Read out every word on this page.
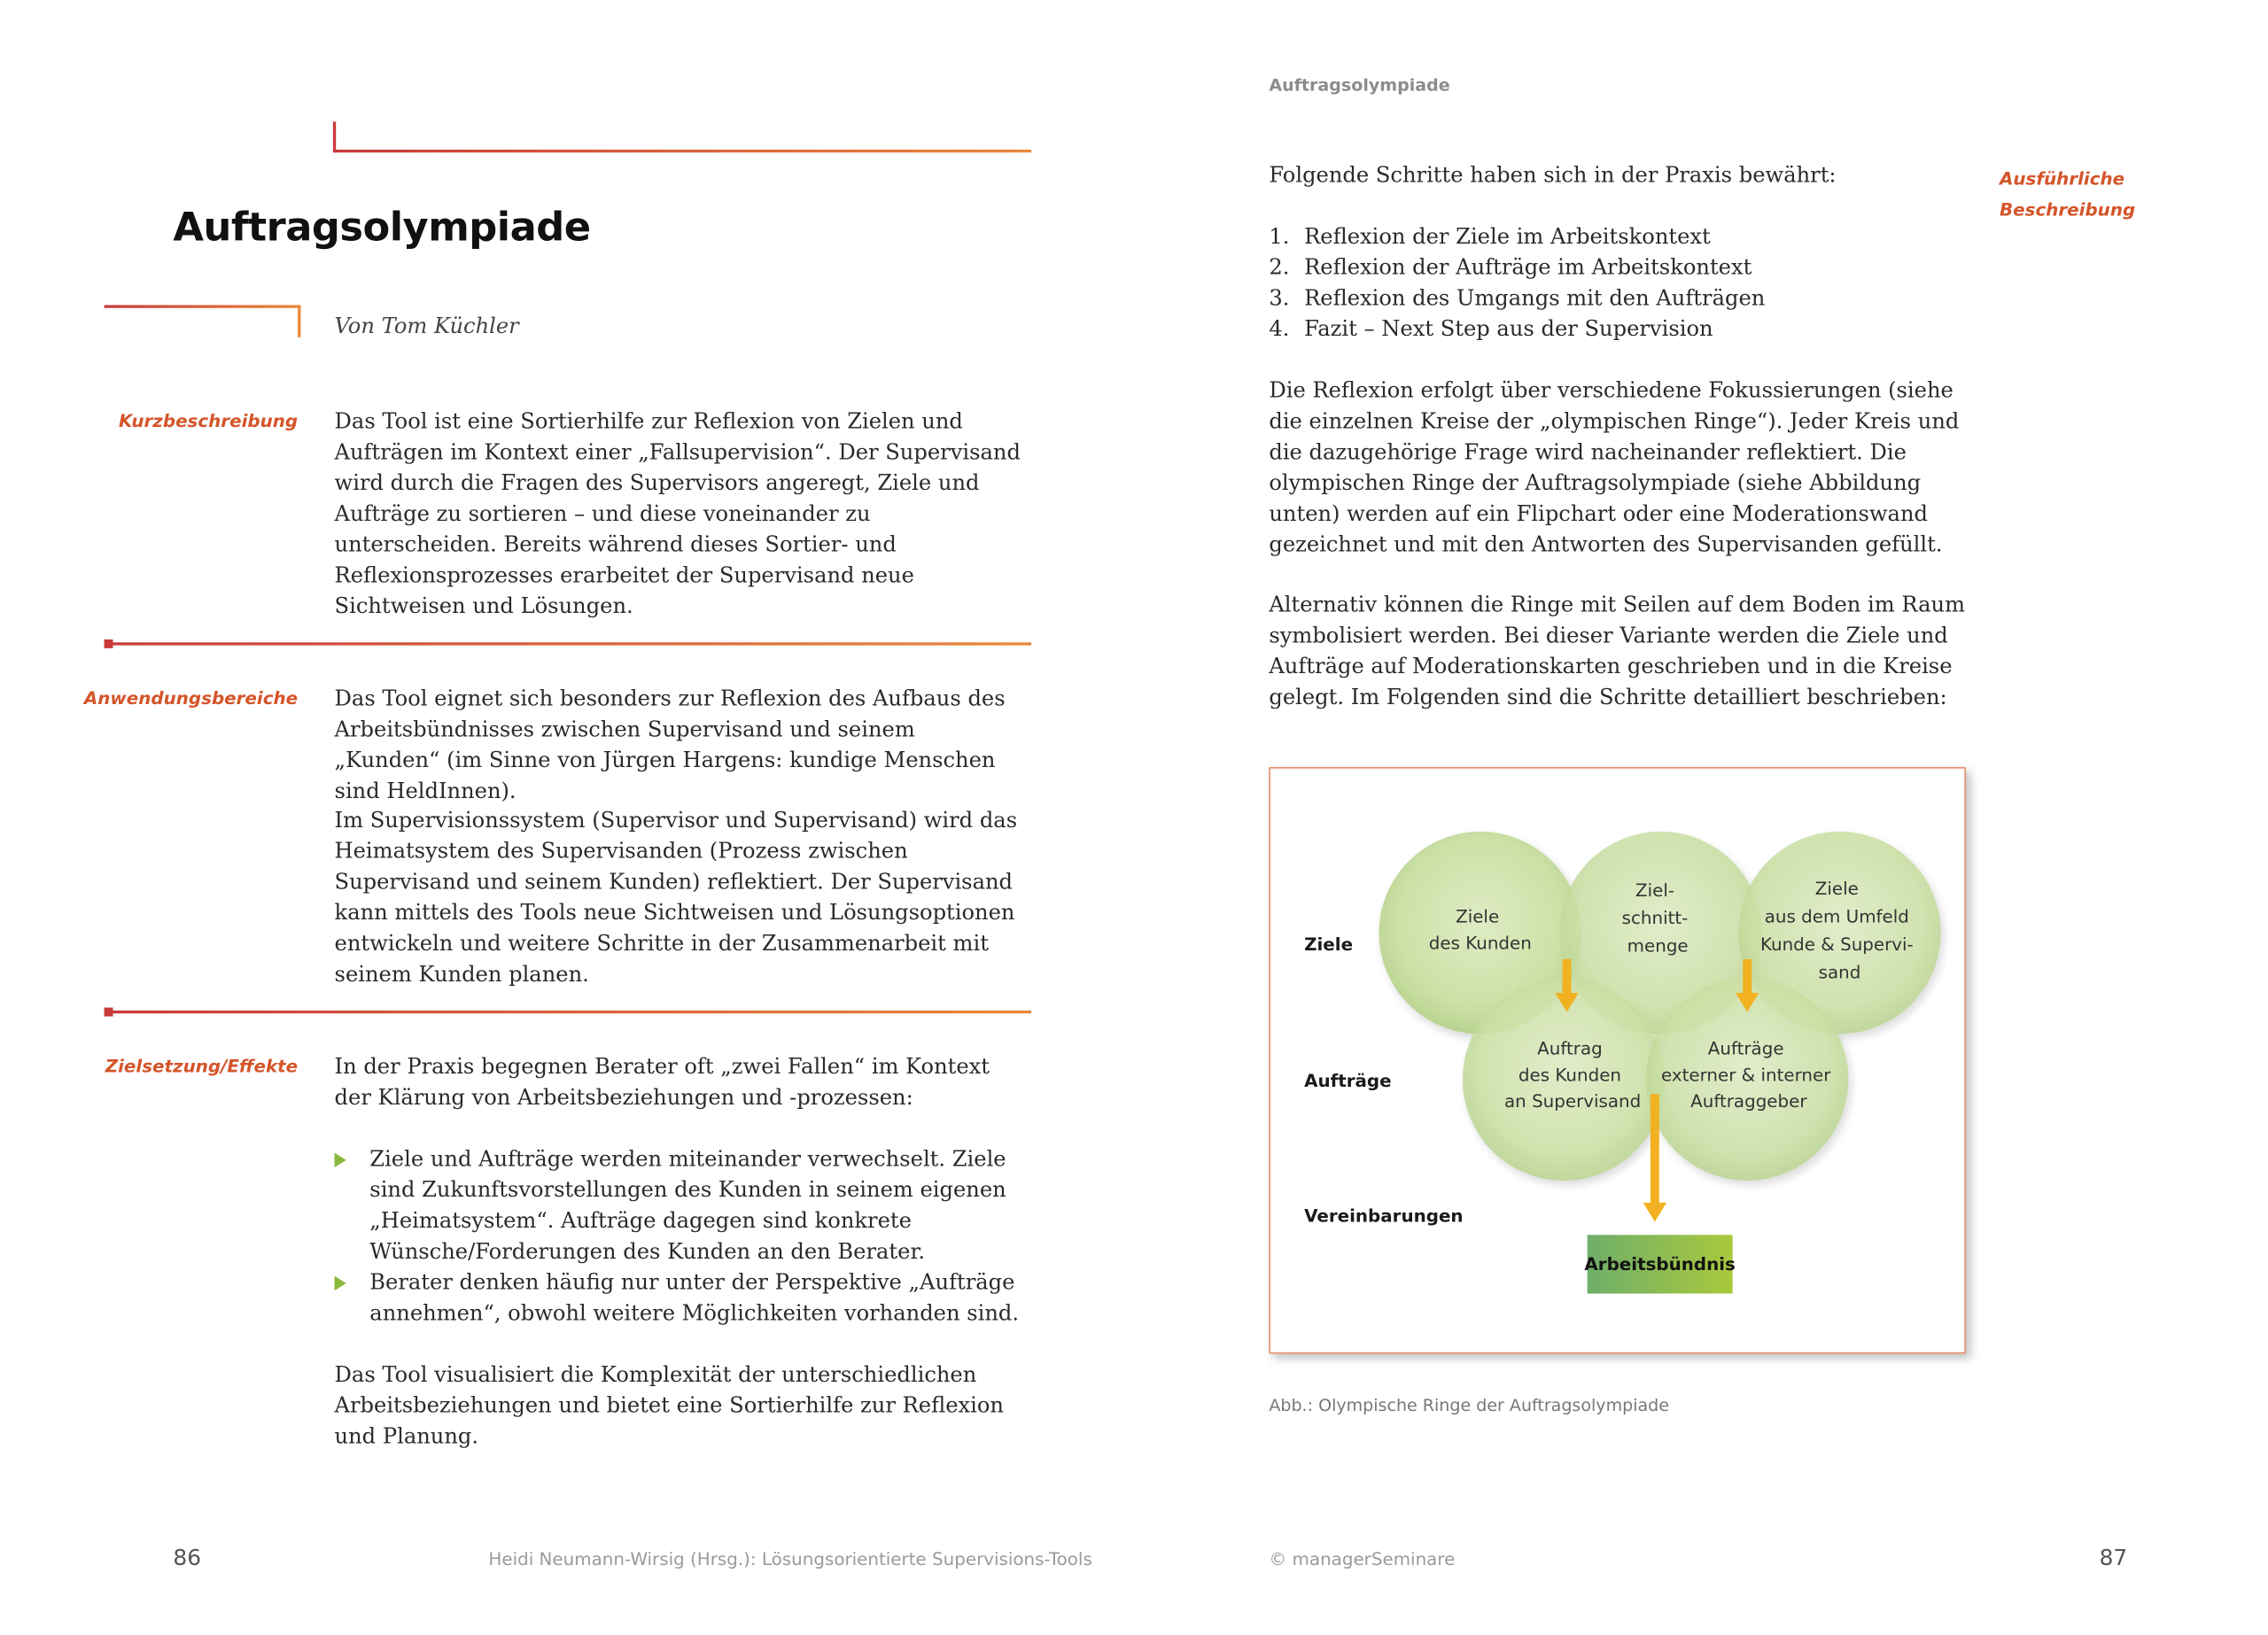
Auftragsolympiade
Von Tom Küchler
Kurzbeschreibung	Das Tool ist eine Sortierhilfe zur Reflexion von Zielen und Aufträgen im Kontext einer „Fallsupervision“. Der Supervisand wird durch die Fragen des Supervisors angeregt, Ziele und Aufträge zu sortieren – und diese voneinander zu unterscheiden. Bereits während dieses Sortier- und Reflexionsprozesses erarbeitet der Supervisand neue Sichtweisen und Lösungen.
Anwendungsbereiche	Das Tool eignet sich besonders zur Reflexion des Aufbaus des Arbeitsbündnisses zwischen Supervisand und seinem „Kunden“ (im Sinne von Jürgen Hargens: kundige Menschen sind HeldInnen).
Im Supervisionssystem (Supervisor und Supervisand) wird das Heimatsystem des Supervisanden (Prozess zwischen Supervisand und seinem Kunden) reflektiert. Der Supervisand kann mittels des Tools neue Sichtweisen und Lösungsoptionen entwickeln und weitere Schritte in der Zusammenarbeit mit seinem Kunden planen.
Zielsetzung/Effekte	In der Praxis begegnen Berater oft „zwei Fallen“ im Kontext der Klärung von Arbeitsbeziehungen und -prozessen:
Ziele und Aufträge werden miteinander verwechselt. Ziele sind Zukunftsvorstellungen des Kunden in seinem eigenen „Heimatsystem“. Aufträge dagegen sind konkrete Wünsche/Forderungen des Kunden an den Berater.
Berater denken häufig nur unter der Perspektive „Aufträge annehmen“, obwohl weitere Möglichkeiten vorhanden sind.
Das Tool visualisiert die Komplexität der unterschiedlichen Arbeitsbeziehungen und bietet eine Sortierhilfe zur Reflexion und Planung.
86	Heidi Neumann-Wirsig (Hrsg.): Lösungsorientierte Supervisions-Tools
Auftragsolympiade
Ausführliche Beschreibung
Folgende Schritte haben sich in der Praxis bewährt:
1.	Reflexion der Ziele im Arbeitskontext
2.	Reflexion der Aufträge im Arbeitskontext
3.	Reflexion des Umgangs mit den Aufträgen
4.	Fazit – Next Step aus der Supervision
Die Reflexion erfolgt über verschiedene Fokussierungen (siehe die einzelnen Kreise der „olympischen Ringe“). Jeder Kreis und die dazugehörige Frage wird nacheinander reflektiert. Die olympischen Ringe der Auftragsolympiade (siehe Abbildung unten) werden auf ein Flipchart oder eine Moderationswand gezeichnet und mit den Antworten des Supervisanden gefüllt.
Alternativ können die Ringe mit Seilen auf dem Boden im Raum symbolisiert werden. Bei dieser Variante werden die Ziele und Aufträge auf Moderationskarten geschrieben und in die Kreise gelegt. Im Folgenden sind die Schritte detailliert beschrieben:
Ziele
Aufträge
Vereinbarungen
Ziele des Kunden
Ziel- schnitt- menge
Ziele aus dem Umfeld Kunde & Supervi- sand
Auftrag des Kunden an Supervisand
Aufträge externer & interner Auftraggeber
Arbeitsbündnis
Abb.: Olympische Ringe der Auftragsolympiade
© managerSeminare	87
